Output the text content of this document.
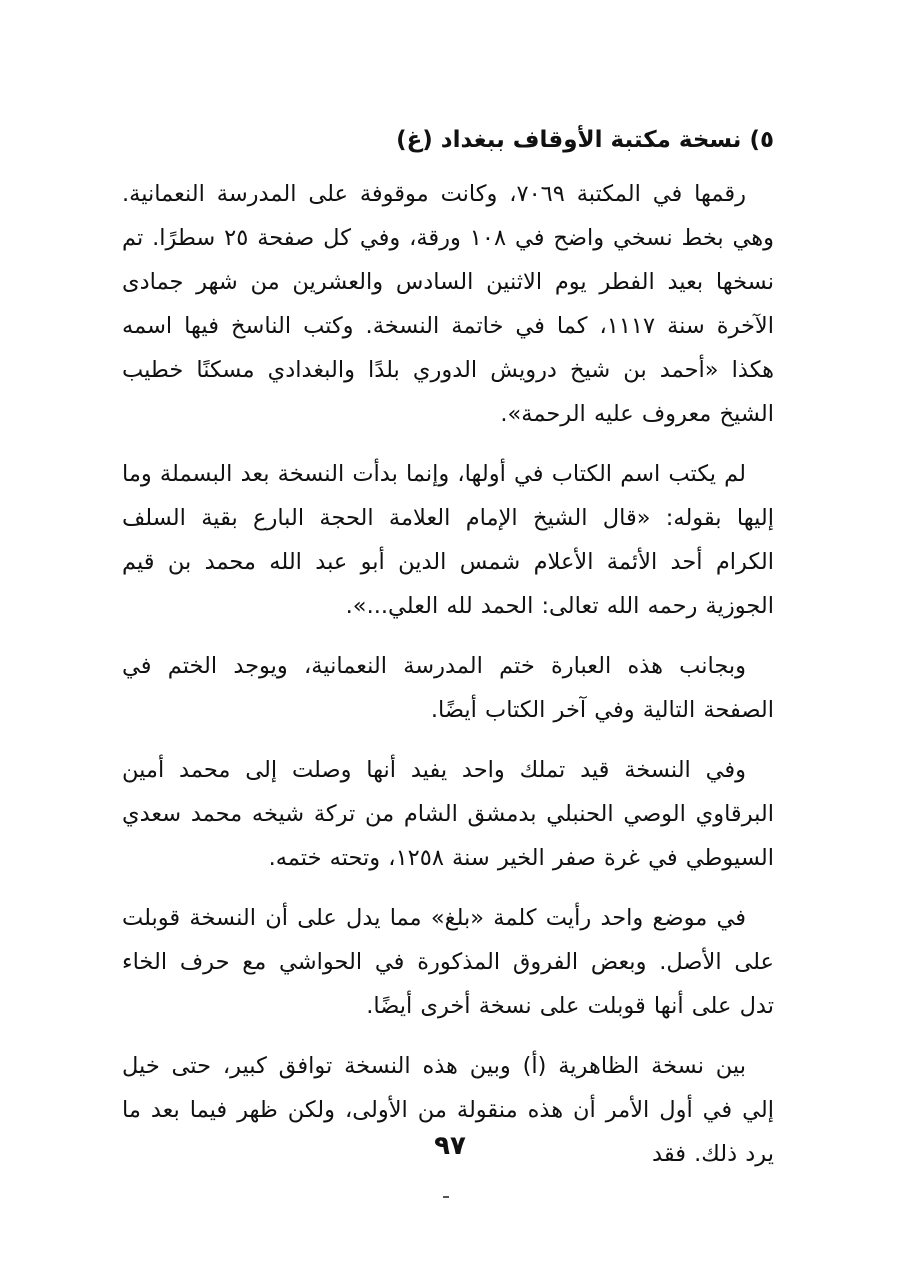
٥) نسخة مكتبة الأوقاف ببغداد (غ)

رقمها في المكتبة ٧٠٦٩، وكانت موقوفة على المدرسة النعمانية. وهي بخط نسخي واضح في ١٠٨ ورقة، وفي كل صفحة ٢٥ سطرًا. تم نسخها بعيد الفطر يوم الاثنين السادس والعشرين من شهر جمادى الآخرة سنة ١١١٧، كما في خاتمة النسخة. وكتب الناسخ فيها اسمه هكذا «أحمد بن شيخ درويش الدوري بلدًا والبغدادي مسكنًا خطيب الشيخ معروف عليه الرحمة».

لم يكتب اسم الكتاب في أولها، وإنما بدأت النسخة بعد البسملة وما إليها بقوله: «قال الشيخ الإمام العلامة الحجة البارع بقية السلف الكرام أحد الأئمة الأعلام شمس الدين أبو عبد الله محمد بن قيم الجوزية رحمه الله تعالى: الحمد لله العلي...».

وبجانب هذه العبارة ختم المدرسة النعمانية، ويوجد الختم في الصفحة التالية وفي آخر الكتاب أيضًا.

وفي النسخة قيد تملك واحد يفيد أنها وصلت إلى محمد أمين البرقاوي الوصي الحنبلي بدمشق الشام من تركة شيخه محمد سعدي السيوطي في غرة صفر الخير سنة ١٢٥٨، وتحته ختمه.

في موضع واحد رأيت كلمة «بلغ» مما يدل على أن النسخة قوبلت على الأصل. وبعض الفروق المذكورة في الحواشي مع حرف الخاء تدل على أنها قوبلت على نسخة أخرى أيضًا.

بين نسخة الظاهرية (أ) وبين هذه النسخة توافق كبير، حتى خيل إلي في أول الأمر أن هذه منقولة من الأولى، ولكن ظهر فيما بعد ما يرد ذلك. فقد

٩٧
